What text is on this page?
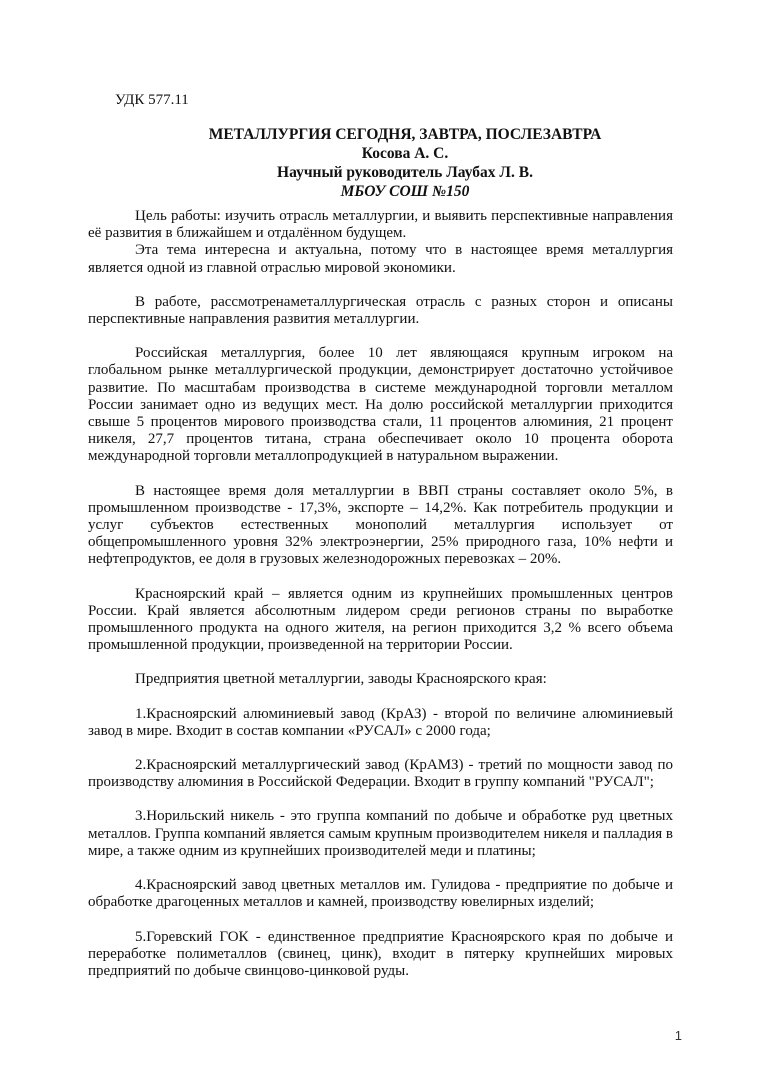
УДК 577.11
МЕТАЛЛУРГИЯ СЕГОДНЯ, ЗАВТРА, ПОСЛЕЗАВТРА
Косова А. С.
Научный руководитель Лаубах Л. В.
МБОУ СОШ №150

Цель работы: изучить отрасль металлургии, и выявить перспективные направления её развития в ближайшем и отдалённом будущем.

Эта тема интересна и актуальна, потому что в настоящее время металлургия является одной из главной отраслью мировой экономики.

В работе, рассмотренаметаллургическая отрасль с разных сторон и описаны перспективные направления развития металлургии.

Российская металлургия, более 10 лет являющаяся крупным игроком на глобальном рынке металлургической продукции, демонстрирует достаточно устойчивое развитие. По масштабам производства в системе международной торговли металлом России занимает одно из ведущих мест. На долю российской металлургии приходится свыше 5 процентов мирового производства стали, 11 процентов алюминия, 21 процент никеля, 27,7 процентов титана, страна обеспечивает около 10 процента оборота международной торговли металлопродукцией в натуральном выражении.

В настоящее время доля металлургии в ВВП страны составляет около 5%, в промышленном производстве - 17,3%, экспорте – 14,2%. Как потребитель продукции и услуг субъектов естественных монополий металлургия использует от общепромышленного уровня 32% электроэнергии, 25% природного газа, 10% нефти и нефтепродуктов, ее доля в грузовых железнодорожных перевозках – 20%.

Красноярский край – является одним из крупнейших промышленных центров России. Край является абсолютным лидером среди регионов страны по выработке промышленного продукта на одного жителя, на регион приходится 3,2 % всего объема промышленной продукции, произведенной на территории России.

Предприятия цветной металлургии, заводы Красноярского края:

1.Красноярский алюминиевый завод (КрАЗ) - второй по величине алюминиевый завод в мире. Входит в состав компании «РУСАЛ» с 2000 года;

2.Красноярский металлургический завод (КрАМЗ) - третий по мощности завод по производству алюминия в Российской Федерации. Входит в группу компаний "РУСАЛ";

3.Норильский никель - это группа компаний по добыче и обработке руд цветных металлов. Группа компаний является самым крупным производителем никеля и палладия в мире, а также одним из крупнейших производителей меди и платины;

4.Красноярский завод цветных металлов им. Гулидова - предприятие по добыче и обработке драгоценных металлов и камней, производству ювелирных изделий;

5.Горевский ГОК - единственное предприятие Красноярского края по добыче и переработке полиметаллов (свинец, цинк), входит в пятерку крупнейших мировых предприятий по добыче свинцово-цинковой руды.

1
